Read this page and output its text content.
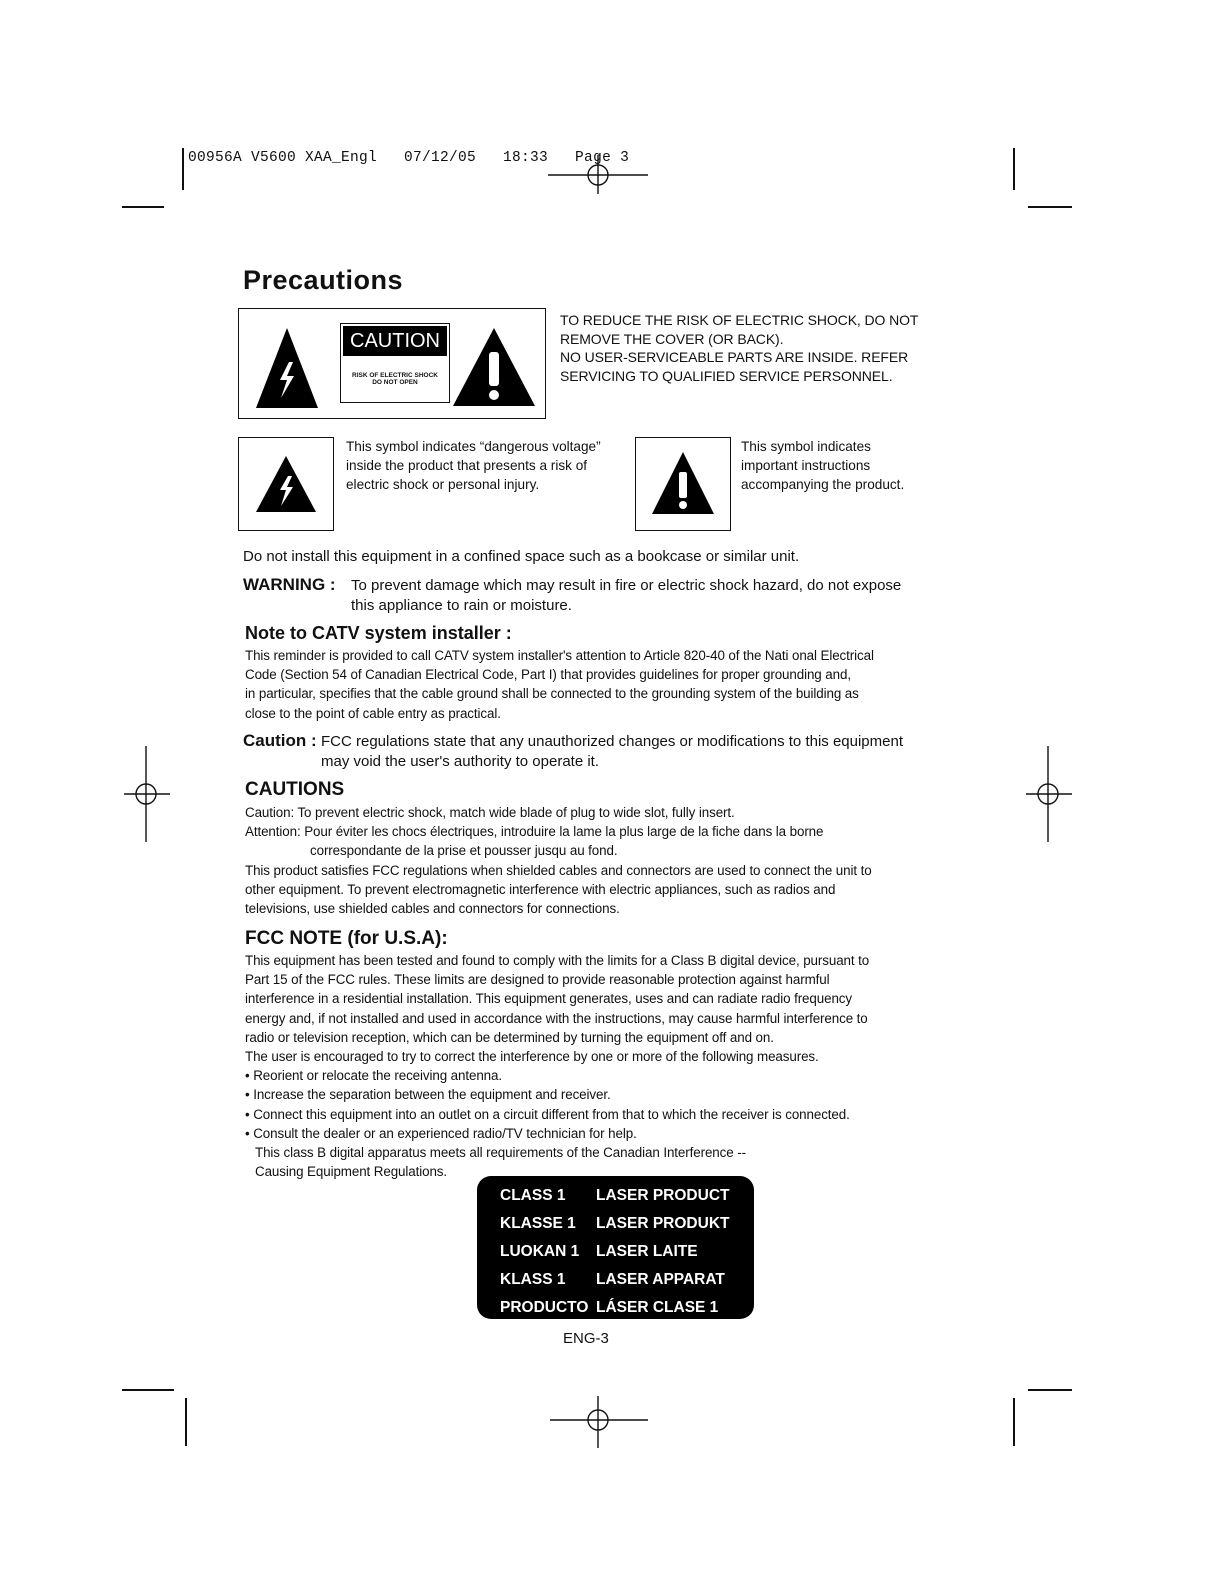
00956A V5600 XAA_Engl   07/12/05   18:33   Page 3
Precautions
CAUTION
RISK OF ELECTRIC SHOCK
DO NOT OPEN
TO REDUCE THE RISK OF ELECTRIC SHOCK, DO NOT
REMOVE THE COVER (OR BACK).
NO USER-SERVICEABLE PARTS ARE INSIDE. REFER
SERVICING TO QUALIFIED SERVICE PERSONNEL.
This symbol indicates “dangerous voltage”
inside the product that presents a risk of
electric shock or personal injury.
This symbol indicates
important instructions
accompanying the product.
Do not install this equipment in a confined space such as a bookcase or similar unit.
WARNING : To prevent damage which may result in fire or electric shock hazard, do not expose
this appliance to rain or moisture.
Note to CATV system installer :
This reminder is provided to call CATV system installer's attention to Article 820-40 of the Nati onal Electrical
Code (Section 54 of Canadian Electrical Code, Part I) that provides guidelines for proper grounding and,
in particular, specifies that the cable ground shall be connected to the grounding system of the building as
close to the point of cable entry as practical.
Caution : FCC regulations state that any unauthorized changes or modifications to this equipment
may void the user's authority to operate it.
CAUTIONS
Caution: To prevent electric shock, match wide blade of plug to wide slot, fully insert.
Attention: Pour éviter les chocs électriques, introduire la lame la plus large de la fiche dans la borne
correspondante de la prise et pousser jusqu au fond.
This product satisfies FCC regulations when shielded cables and connectors are used to connect the unit to
other equipment. To prevent electromagnetic interference with electric appliances, such as radios and
televisions, use shielded cables and connectors for connections.
FCC NOTE (for U.S.A):
This equipment has been tested and found to comply with the limits for a Class B digital device, pursuant to
Part 15 of the FCC rules. These limits are designed to provide reasonable protection against harmful
interference in a residential installation. This equipment generates, uses and can radiate radio frequency
energy and, if not installed and used in accordance with the instructions, may cause harmful interference to
radio or television reception, which can be determined by turning the equipment off and on.
The user is encouraged to try to correct the interference by one or more of the following measures.
• Reorient or relocate the receiving antenna.
• Increase the separation between the equipment and receiver.
• Connect this equipment into an outlet on a circuit different from that to which the receiver is connected.
• Consult the dealer or an experienced radio/TV technician for help.
This class B digital apparatus meets all requirements of the Canadian Interference --
Causing Equipment Regulations.
CLASS 1	LASER PRODUCT
KLASSE 1	LASER PRODUKT
LUOKAN 1	LASER LAITE
KLASS 1	LASER APPARAT
PRODUCTO	LÁSER CLASE 1
ENG-3
